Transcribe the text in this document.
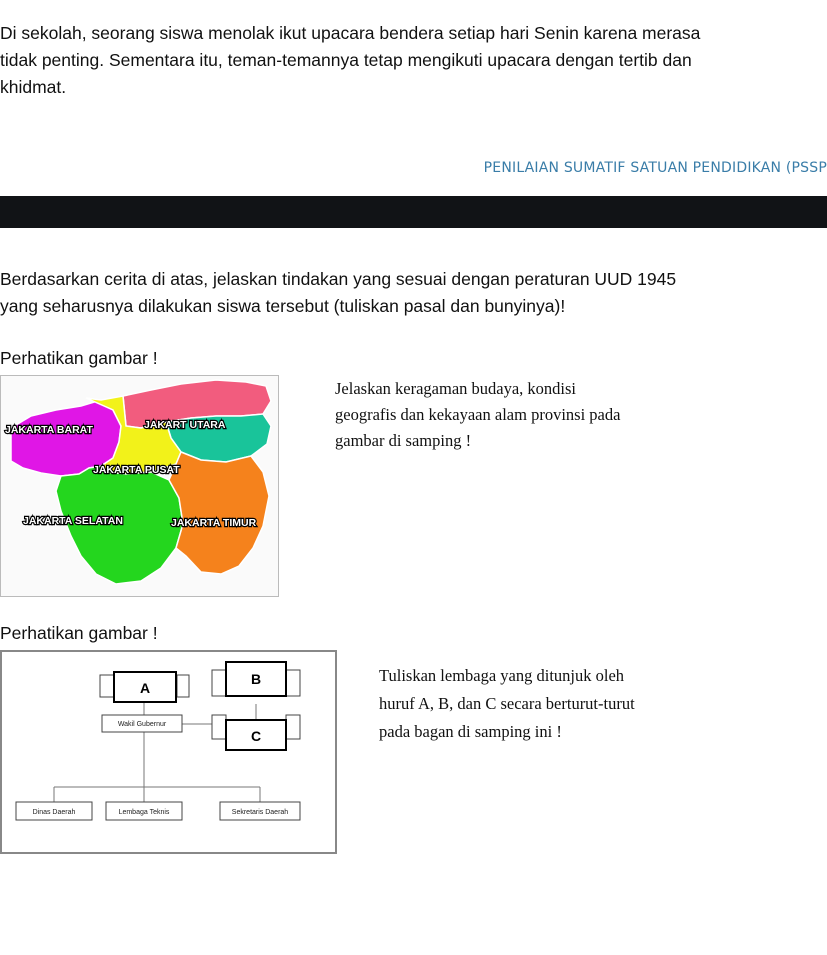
Di sekolah, seorang siswa menolak ikut upacara bendera setiap hari Senin karena merasa
tidak penting. Sementara itu, teman-temannya tetap mengikuti upacara dengan tertib dan
khidmat.

PENILAIAN SUMATIF SATUAN PENDIDIKAN (PSSP

Berdasarkan cerita di atas, jelaskan tindakan yang sesuai dengan peraturan UUD 1945
yang seharusnya dilakukan siswa tersebut (tuliskan pasal dan bunyinya)!

Perhatikan gambar !

JAKARTA BARAT	JAKART UTARA
JAKARTA PUSAT
JAKARTA SELATAN	JAKARTA TIMUR
Jelaskan keragaman budaya, kondisi
geografis dan kekayaan alam provinsi pada
gambar di samping !

Perhatikan gambar !

A
B
C
Wakil Gubernur
Dinas Daerah	Lembaga Teknis	Sekretaris Daerah
Tuliskan lembaga yang ditunjuk oleh
huruf A, B, dan C secara berturut-turut
pada bagan di samping ini !
